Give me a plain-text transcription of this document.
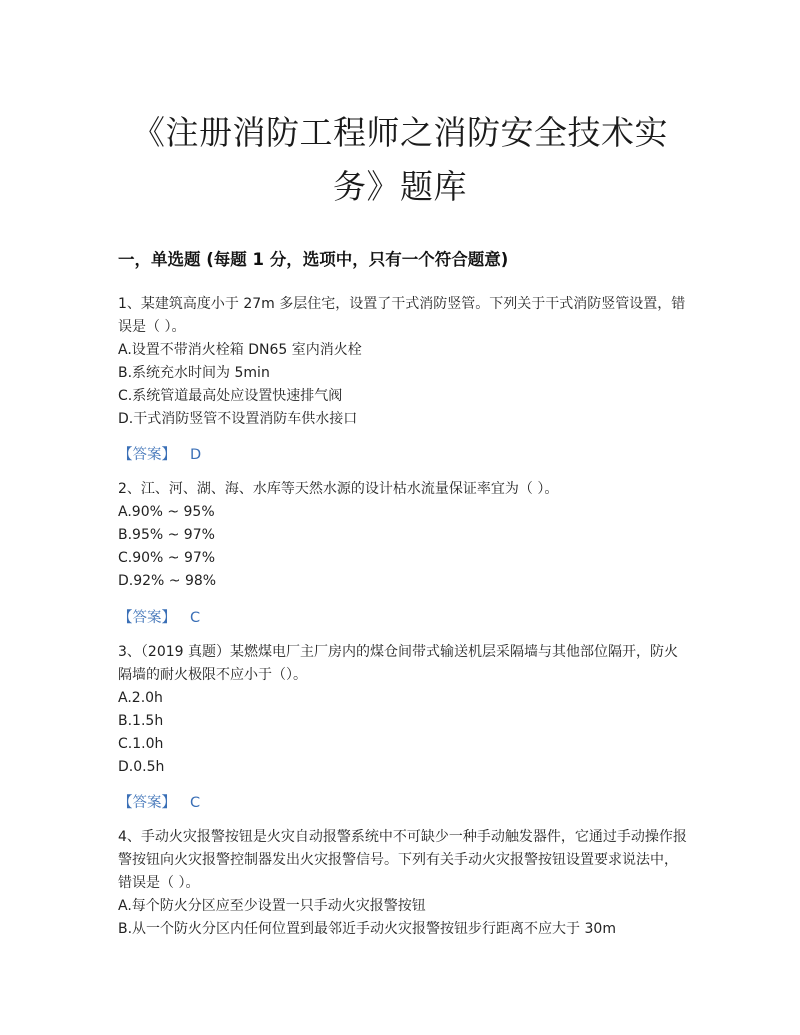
《注册消防工程师之消防安全技术实
务》题库
一，单选题 (每题 1 分，选项中，只有一个符合题意)

1、某建筑高度小于 27m 多层住宅，设置了干式消防竖管。下列关于干式消防竖管设置，错误是（ ）。

A.设置不带消火栓箱 DN65 室内消火栓

B.系统充水时间为 5min

C.系统管道最高处应设置快速排气阀

D.干式消防竖管不设置消防车供水接口

【答案】 D

2、江、河、湖、海、水库等天然水源的设计枯水流量保证率宜为（ ）。

A.90% ~ 95%

B.95% ~ 97%

C.90% ~ 97%

D.92% ~ 98%

【答案】 C

3、（2019 真题）某燃煤电厂主厂房内的煤仓间带式输送机层采隔墙与其他部位隔开，防火隔墙的耐火极限不应小于（）。

A.2.0h

B.1.5h

C.1.0h

D.0.5h

【答案】 C

4、手动火灾报警按钮是火灾自动报警系统中不可缺少一种手动触发器件，它通过手动操作报警按钮向火灾报警控制器发出火灾报警信号。下列有关手动火灾报警按钮设置要求说法中，错误是（ ）。

A.每个防火分区应至少设置一只手动火灾报警按钮

B.从一个防火分区内任何位置到最邻近手动火灾报警按钮步行距离不应大于 30m
